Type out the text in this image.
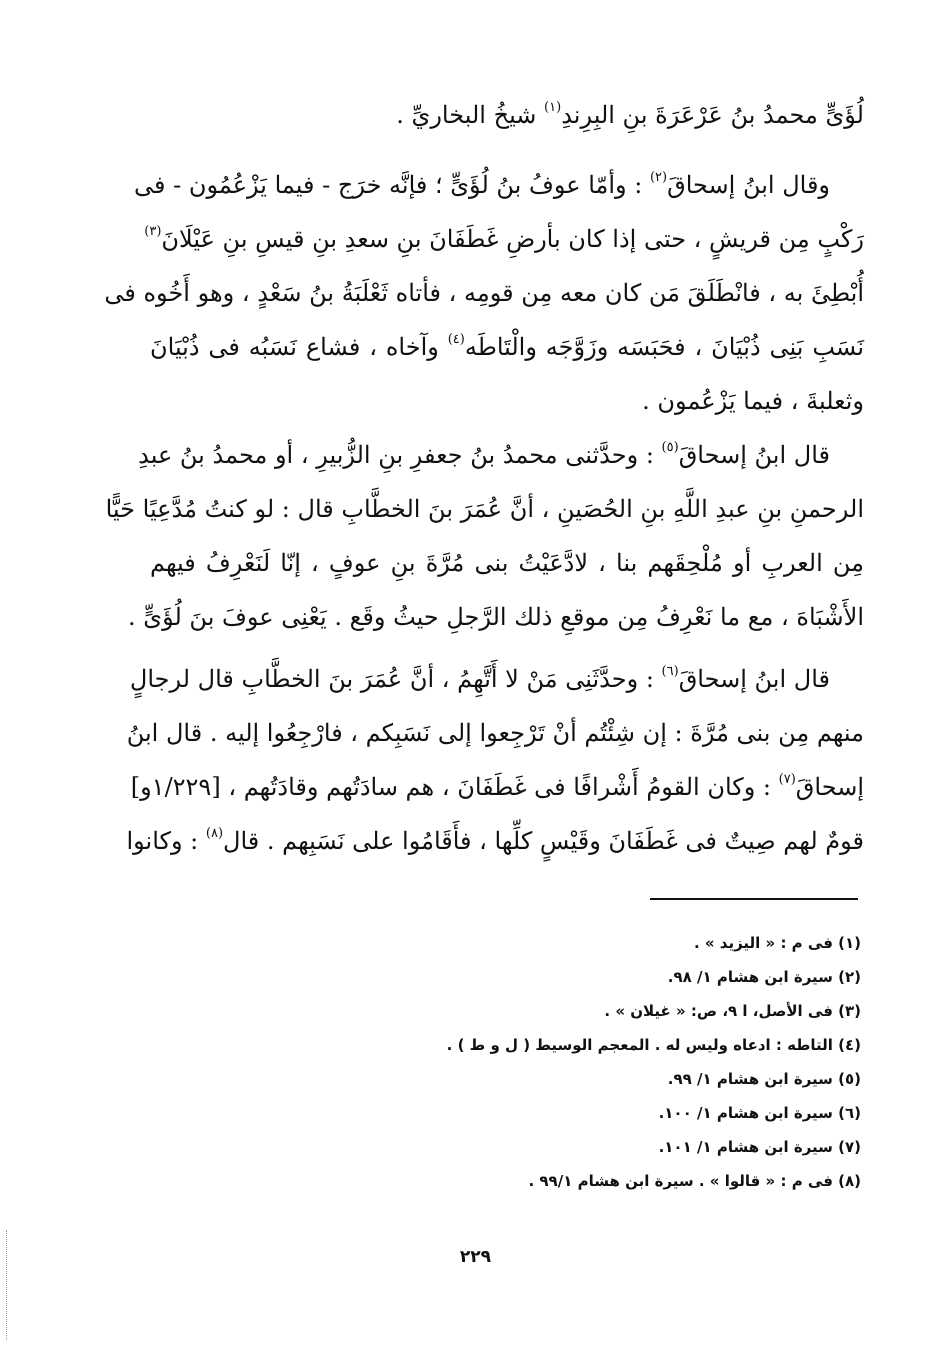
لُؤَىٍّ محمدُ بنُ عَرْعَرَةَ بنِ البِرِندِ$^{(١)}$ شيخُ البخاريِّ .
وقال ابنُ إسحاقَ$^{(٢)}$ : وأمّا عوفُ بنُ لُؤَىٍّ ؛ فإنَّه خرَج - فيما يَزْعُمُون - فى
رَكْبٍ مِن قريشٍ ، حتى إذا كان بأرضِ غَطَفَانَ بنِ سعدِ بنِ قيسِ بنِ عَيْلَانَ$^{(٣)}$
أُبْطِئَ به ، فانْطَلَقَ مَن كان معه مِن قومِه ، فأتاه ثَعْلَبَةُ بنُ سَعْدٍ ، وهو أَخُوه فى
نَسَبِ بَنِى ذُبْيَانَ ، فحَبَسَه وزَوَّجَه والْتَاطَه$^{(٤)}$ وآخاه ، فشاع نَسَبُه فى ذُبْيَانَ
وثعلبةَ ، فيما يَزْعُمون .
قال ابنُ إسحاقَ$^{(٥)}$ : وحدَّثنى محمدُ بنُ جعفرِ بنِ الزُّبيرِ ، أو محمدُ بنُ عبدِ
الرحمنِ بنِ عبدِ اللَّهِ بنِ الحُصَينِ ، أنَّ عُمَرَ بنَ الخطَّابِ قال : لو كنتُ مُدَّعِيًا حَيًّا
مِن العربِ أو مُلْحِقَهم بنا ، لادَّعَيْتُ بنى مُرَّةَ بنِ عوفٍ ، إنّا لَنَعْرِفُ فيهم
الأَشْبَاهَ ، مع ما نَعْرِفُ مِن موقعِ ذلك الرَّجلِ حيثُ وقَع . يَعْنِى عوفَ بنَ لُؤَىٍّ .
قال ابنُ إسحاقَ$^{(٦)}$ : وحدَّثَنِى مَنْ لا أَتَّهِمُ ، أنَّ عُمَرَ بنَ الخطَّابِ قال لرجالٍ
منهم مِن بنى مُرَّةَ : إن شِئْتُم أنْ تَرْجِعوا إلى نَسَبِكم ، فارْجِعُوا إليه . قال ابنُ
إسحاقَ$^{(٧)}$ : وكان القومُ أَشْرافًا فى غَطَفَانَ ، هم سادَتُهم وقادَتُهم ، [١/٢٢٩و]
قومٌ لهم صِيتٌ فى غَطَفَانَ وقَيْسٍ كلِّها ، فأَقَامُوا على نَسَبِهم . قال$^{(٨)}$ : وكانوا
(١) فى م : « اليزيد » .
(٢) سيرة ابن هشام ١/ ٩٨.
(٣) فى الأصل، ا ٩، ص: « غيلان » .
(٤) التاطه : ادعاه وليس له . المعجم الوسيط ( ل و ط ) .
(٥) سيرة ابن هشام ١/ ٩٩.
(٦) سيرة ابن هشام ١/ ١٠٠.
(٧) سيرة ابن هشام ١/ ١٠١.
(٨) فى م : « قالوا » . سيرة ابن هشام ٩٩/١ .
٢٢٩
